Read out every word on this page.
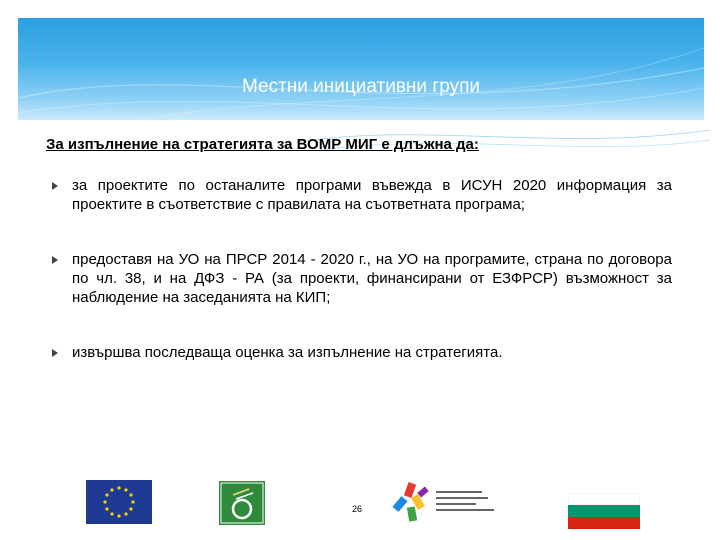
Местни инициативни групи
За изпълнение на стратегията за ВОМР МИГ е длъжна да:
за проектите по останалите програми въвежда в ИСУН 2020 информация за проектите в съответствие с правилата на съответната програма;
предоставя на УО на ПРСР 2014 - 2020 г., на УО на програмите, страна по договора по чл. 38, и на ДФЗ - РА (за проекти, финансирани от ЕЗФРСР) възможност за наблюдение на заседанията на КИП;
извършва последваща оценка за изпълнение на стратегията.
26
